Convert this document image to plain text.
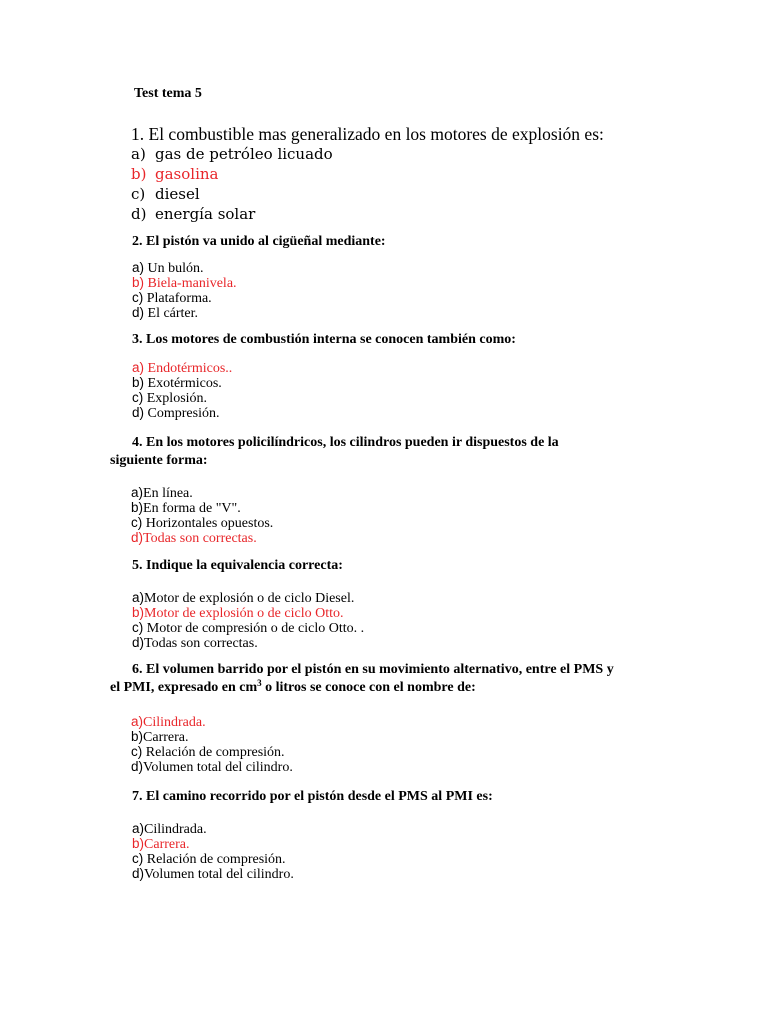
Test tema 5
1. El combustible mas generalizado en los motores de explosión es:
a) gas de petróleo licuado
b) gasolina
c) diesel
d) energía solar
2. El pistón va unido al cigüeñal mediante:
a) Un bulón.
b) Biela-manivela.
c) Plataforma.
d) El cárter.
3. Los motores de combustión interna se conocen también como:
a) Endotérmicos..
b) Exotérmicos.
c) Explosión.
d) Compresión.
4. En los motores policilíndricos, los cilindros pueden ir dispuestos de la
siguiente forma:
a)En línea.
b)En forma de "V".
c) Horizontales opuestos.
d)Todas son correctas.
5. Indique la equivalencia correcta:
a)Motor de explosión o de ciclo Diesel.
b)Motor de explosión o de ciclo Otto.
c) Motor de compresión o de ciclo Otto. .
d)Todas son correctas.
6. El volumen barrido por el pistón en su movimiento alternativo, entre el PMS y
el PMI, expresado en $cm^3$ o litros se conoce con el nombre de:
a)Cilindrada.
b)Carrera.
c) Relación de compresión.
d)Volumen total del cilindro.
7. El camino recorrido por el pistón desde el PMS al PMI es:
a)Cilindrada.
b)Carrera.
c) Relación de compresión.
d)Volumen total del cilindro.
